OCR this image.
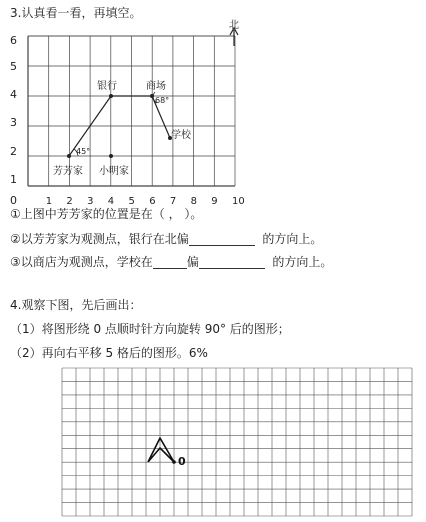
3.认真看一看，再填空。
6
5
4
3
2
1
0	1 2 3 4 5 6 7 8 9 10
北
芳芳家 小明家
银行	商场
学校
45°
68°
①上图中芳芳家的位置是在（ ， ）。
②以芳芳家为观测点，银行在北偏	的方向上。
③以商店为观测点，学校在	偏	的方向上。
4.观察下图，先后画出：
（1）将图形绕 0 点顺时针方向旋转 90° 后的图形；
（2）再向右平移 5 格后的图形。6%
0
